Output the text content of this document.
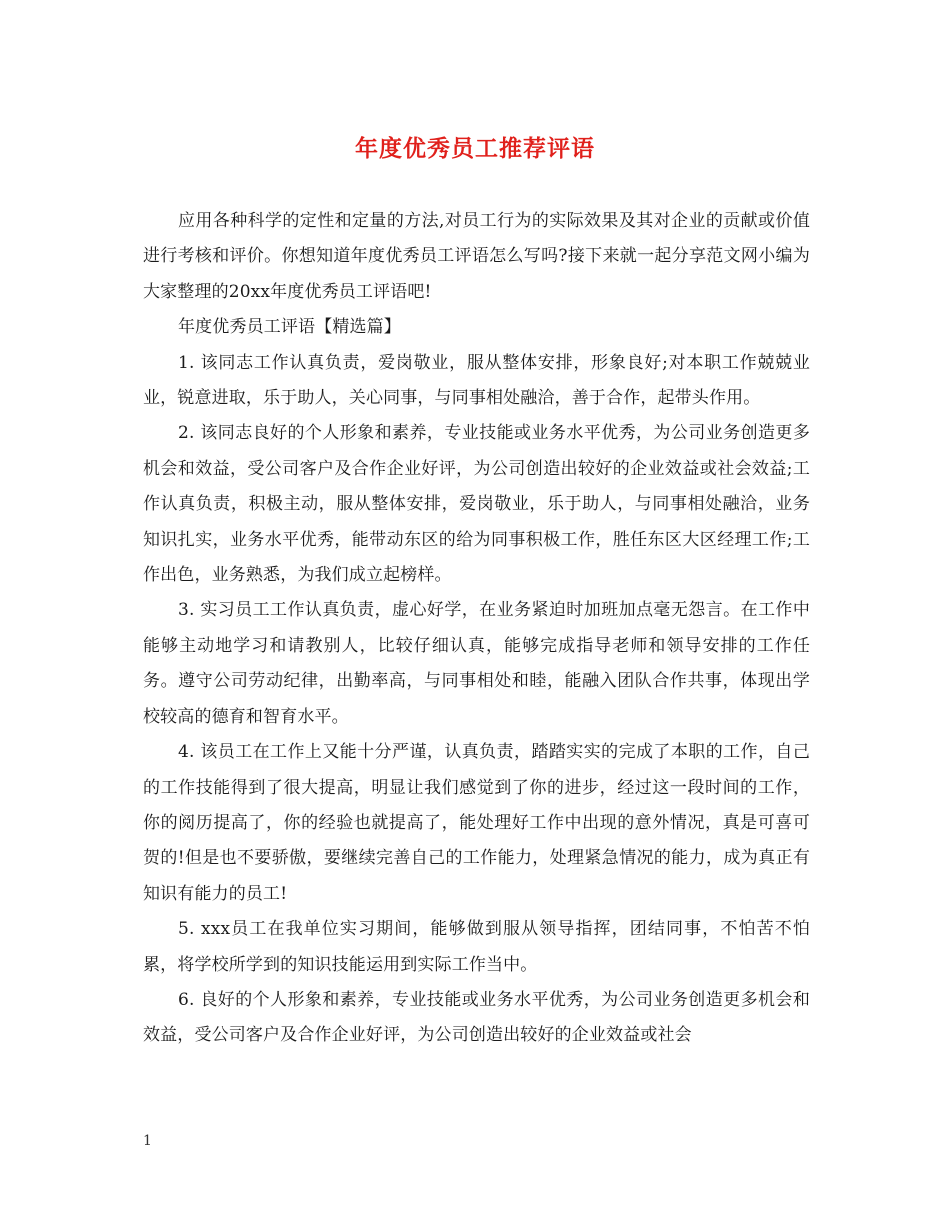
年度优秀员工推荐评语

应用各种科学的定性和定量的方法,对员工行为的实际效果及其对企业的贡献或价值进行考核和评价。你想知道年度优秀员工评语怎么写吗?接下来就一起分享范文网小编为大家整理的20xx年度优秀员工评语吧!

年度优秀员工评语【精选篇】

1. 该同志工作认真负责，爱岗敬业，服从整体安排，形象良好;对本职工作兢兢业业，锐意进取，乐于助人，关心同事，与同事相处融洽，善于合作，起带头作用。

2. 该同志良好的个人形象和素养，专业技能或业务水平优秀，为公司业务创造更多机会和效益，受公司客户及合作企业好评，为公司创造出较好的企业效益或社会效益;工作认真负责，积极主动，服从整体安排，爱岗敬业，乐于助人，与同事相处融洽，业务知识扎实，业务水平优秀，能带动东区的给为同事积极工作，胜任东区大区经理工作;工作出色，业务熟悉，为我们成立起榜样。

3. 实习员工工作认真负责，虚心好学，在业务紧迫时加班加点毫无怨言。在工作中能够主动地学习和请教别人，比较仔细认真，能够完成指导老师和领导安排的工作任务。遵守公司劳动纪律，出勤率高，与同事相处和睦，能融入团队合作共事，体现出学校较高的德育和智育水平。

4. 该员工在工作上又能十分严谨，认真负责，踏踏实实的完成了本职的工作，自己的工作技能得到了很大提高，明显让我们感觉到了你的进步，经过这一段时间的工作，你的阅历提高了，你的经验也就提高了，能处理好工作中出现的意外情况，真是可喜可贺的!但是也不要骄傲，要继续完善自己的工作能力，处理紧急情况的能力，成为真正有知识有能力的员工!

5. xxx员工在我单位实习期间，能够做到服从领导指挥，团结同事，不怕苦不怕累，将学校所学到的知识技能运用到实际工作当中。

6. 良好的个人形象和素养，专业技能或业务水平优秀，为公司业务创造更多机会和效益，受公司客户及合作企业好评，为公司创造出较好的企业效益或社会

1
